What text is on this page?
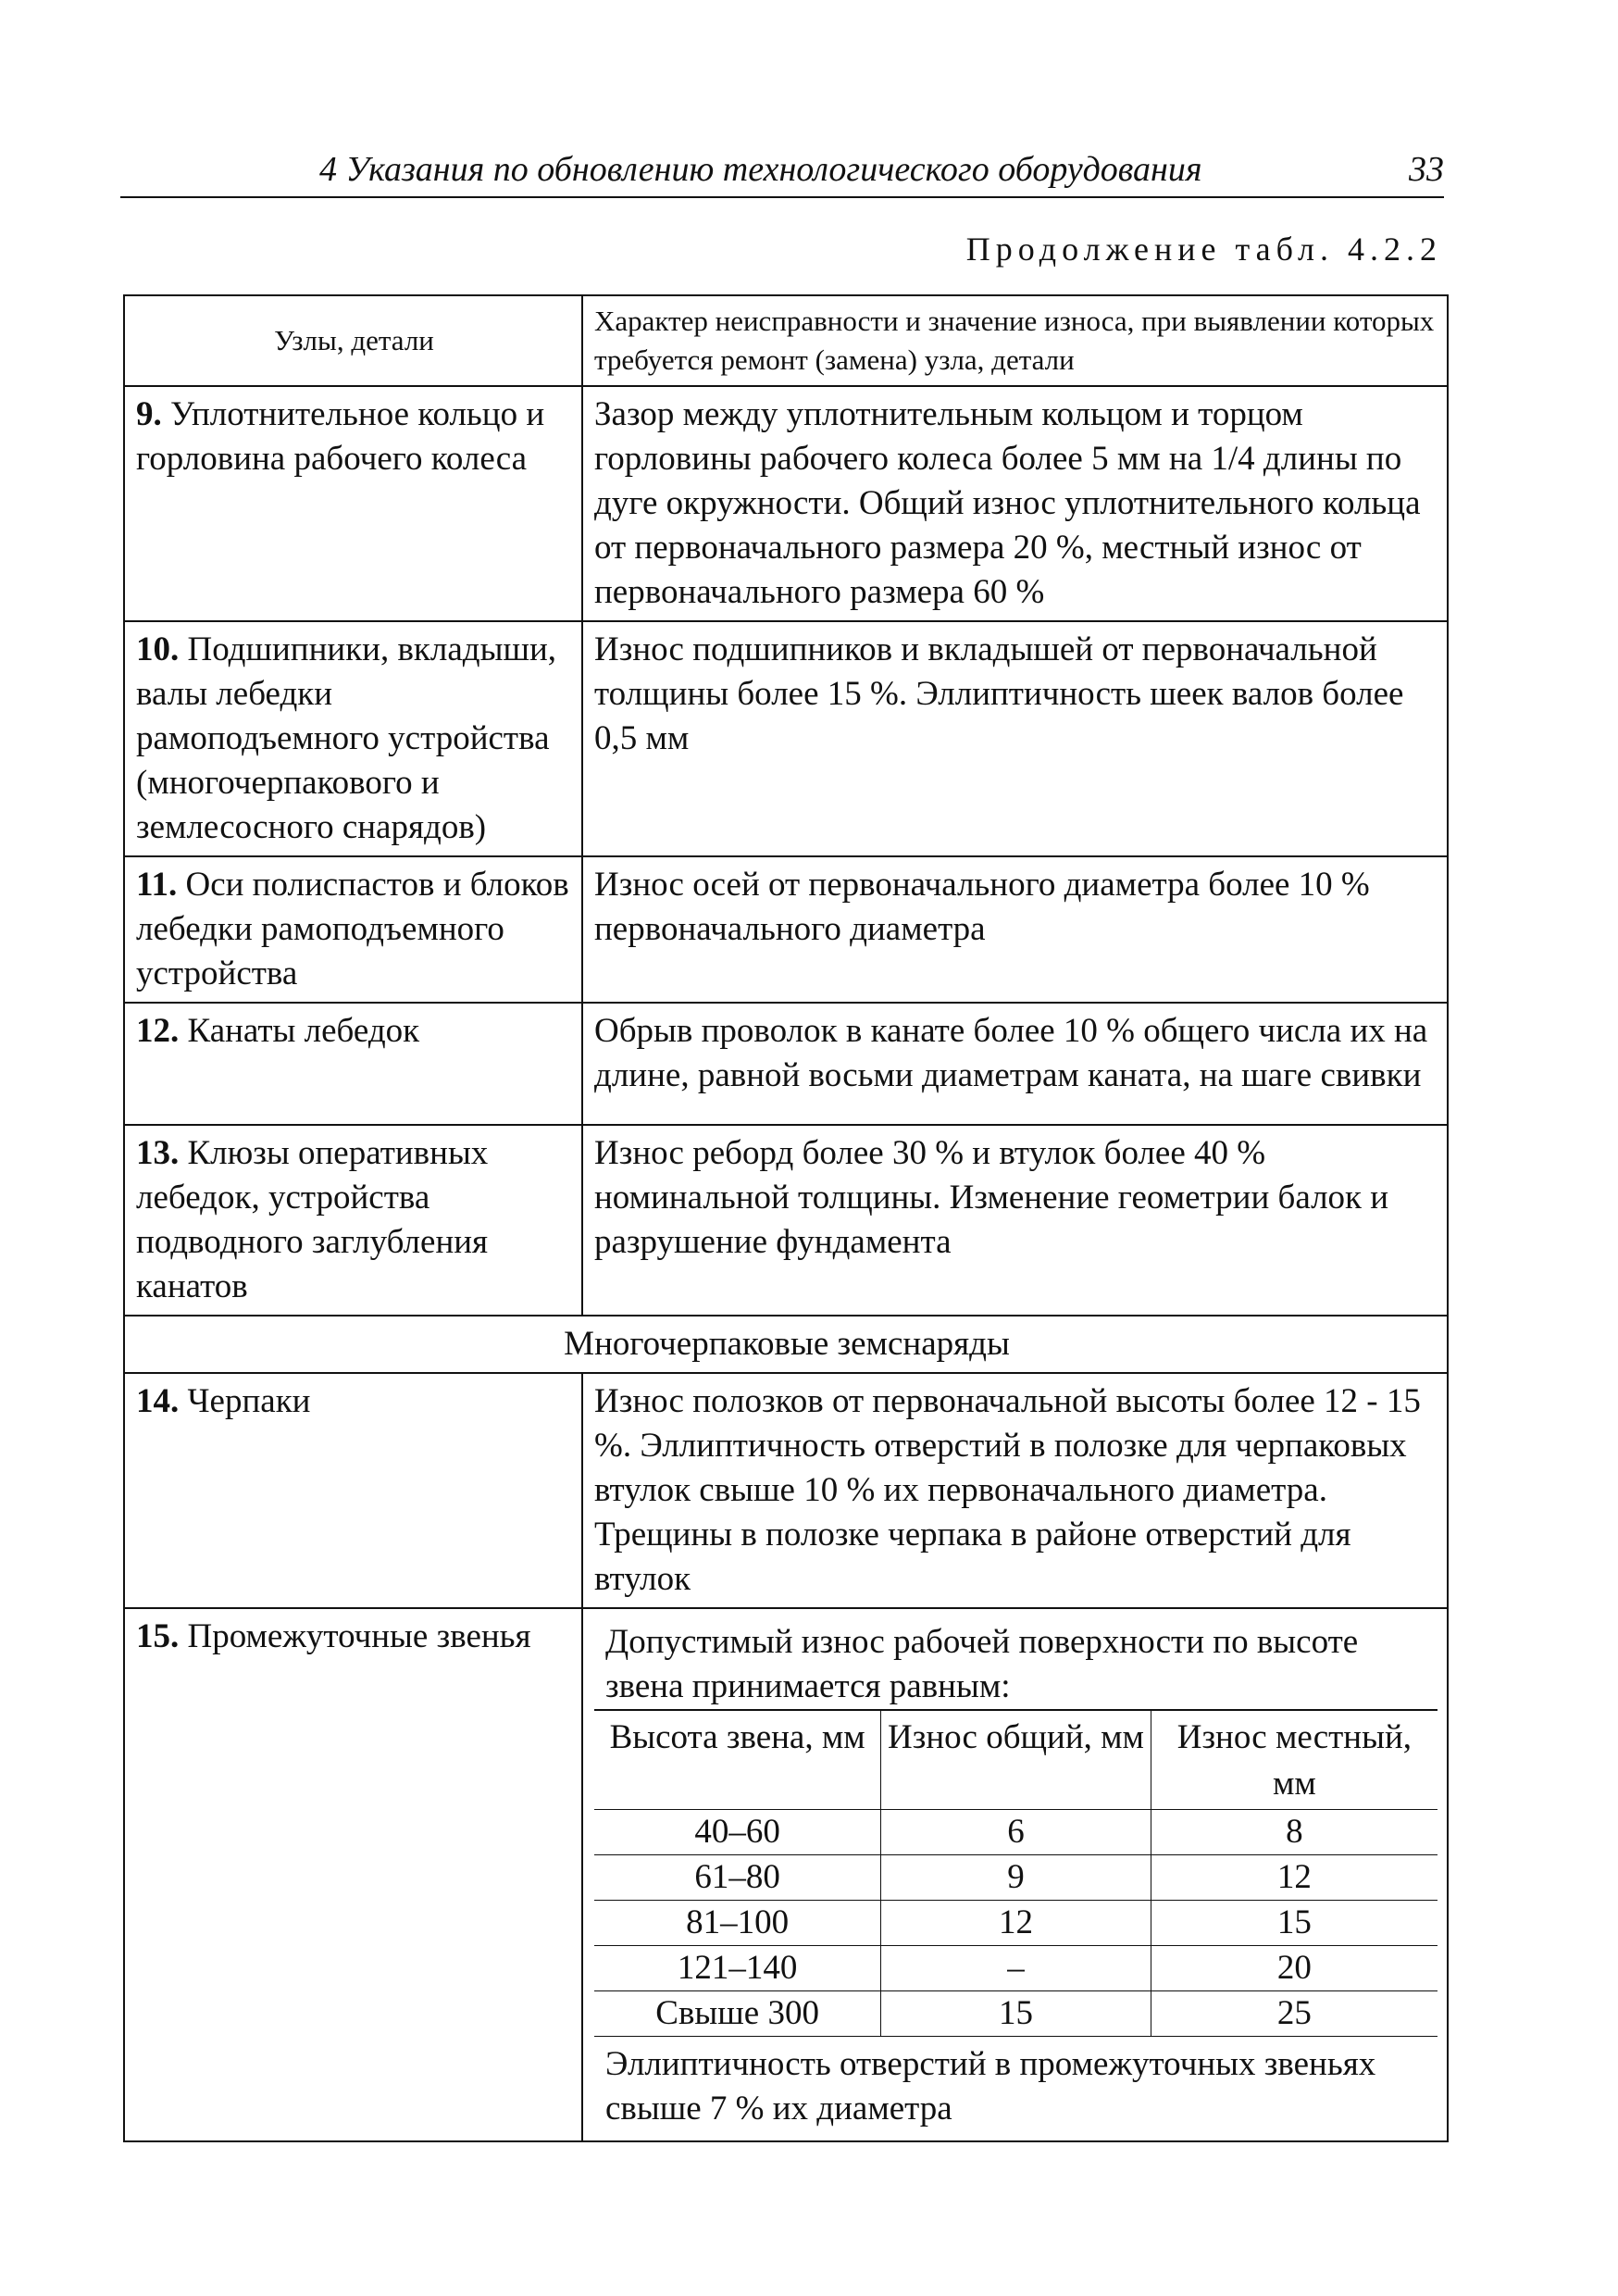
4 Указания по обновлению технологического оборудования	33
Продолжение табл. 4.2.2
Узлы, детали	Характер неисправности и значение износа, при выявлении которых требуется ремонт (замена) узла, детали
9. Уплотнительное кольцо и горловина рабочего колеса	Зазор между уплотнительным кольцом и торцом горловины рабочего колеса более 5 мм на 1/4 длины по дуге окружности. Общий износ уплотнительного кольца от первоначального размера 20 %, местный износ от первоначального размера 60 %
10. Подшипники, вкладыши, валы лебедки рамоподъемного устройства (многочерпакового и землесосного снарядов)	Износ подшипников и вкладышей от первоначальной толщины более 15 %. Эллиптичность шеек валов более 0,5 мм
11. Оси полиспастов и блоков лебедки рамоподъемного устройства	Износ осей от первоначального диаметра более 10 % первоначального диаметра
12. Канаты лебедок	Обрыв проволок в канате более 10 % общего числа их на длине, равной восьми диаметрам каната, на шаге свивки
13. Клюзы оперативных лебедок, устройства подводного заглубления канатов	Износ реборд более 30 % и втулок более 40 % номинальной толщины. Изменение геометрии балок и разрушение фундамента
Многочерпаковые земснаряды
14. Черпаки	Износ полозков от первоначальной высоты более 12 - 15 %. Эллиптичность отверстий в полозке для черпаковых втулок свыше 10 % их первоначального диаметра. Трещины в полозке черпака в районе отверстий для втулок
15. Промежуточные звенья	Допустимый износ рабочей поверхности по высоте звена принимается равным:
Высота звена, мм	Износ общий, мм	Износ местный, мм
40–60	6	8
61–80	9	12
81–100	12	15
121–140	–	20
Свыше 300	15	25
Эллиптичность отверстий в промежуточных звеньях свыше 7 % их диаметра
